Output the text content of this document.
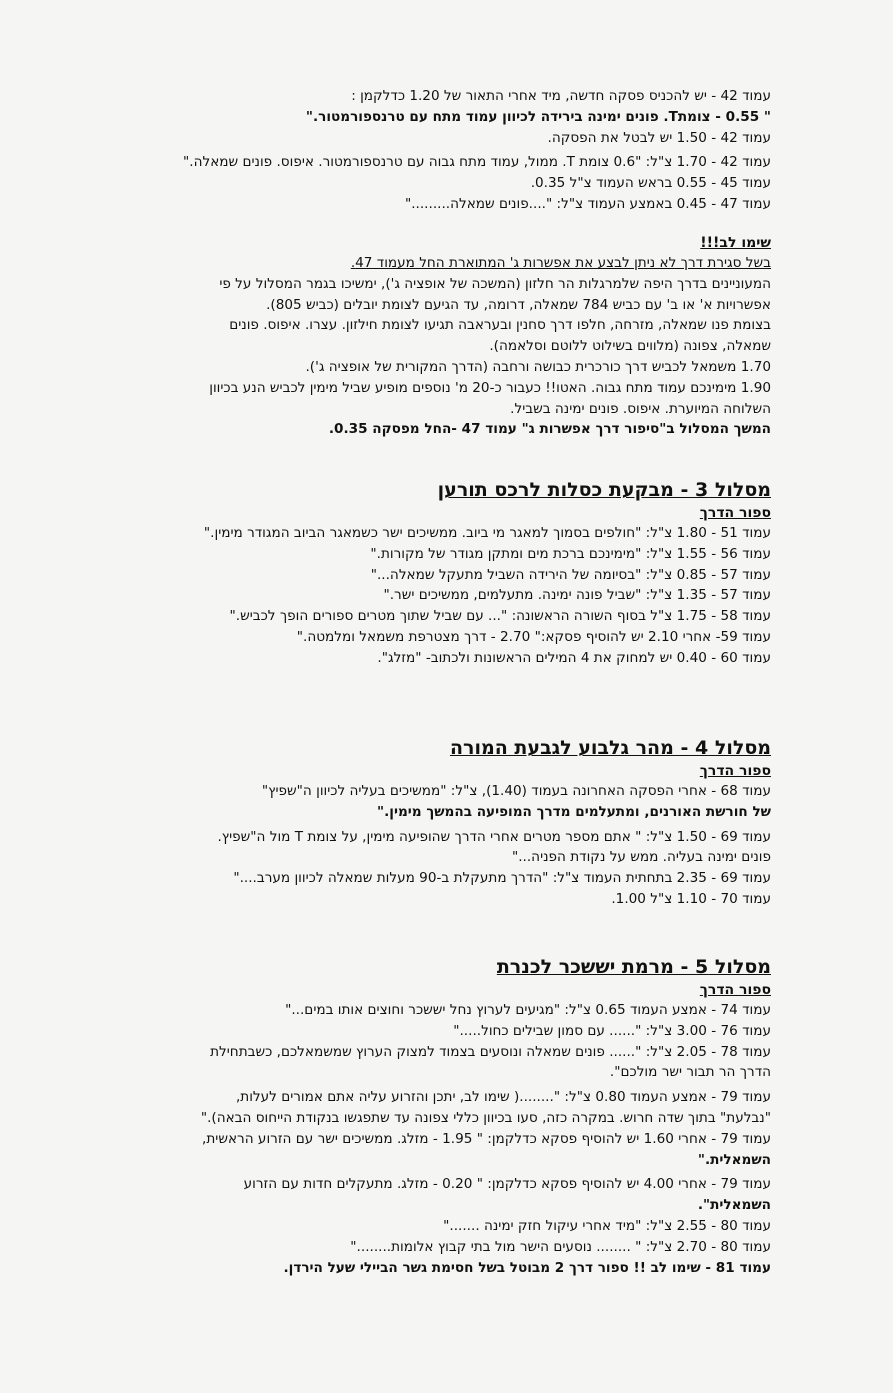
עמוד 42 - יש להכניס פסקה חדשה, מיד אחרי התאור של 1.20 כדלקמן :
" 0.55 - צומתT. פונים ימינה בירידה לכיוון עמוד מתח עם טרנספורמטור."
עמוד 42 - 1.50 יש לבטל את הפסקה.
עמוד 42 - 1.70 צ"ל: "0.6 צומת T. ממול, עמוד מתח גבוה עם טרנספורמטור. איפוס. פונים שמאלה."
עמוד 45 - 0.55 בראש העמוד צ"ל 0.35.
עמוד 47 - 0.45 באמצע העמוד צ"ל: "....פונים שמאלה........."
שימו לב!!!
בשל סגירת דרך לא ניתן לבצע את אפשרות ג' המתוארת החל מעמוד 47.
המעוניינים בדרך היפה שלמרגלות הר חלזון (המשכה של אופציה ג'), ימשיכו בגמר המסלול על פי
אפשרויות א' או ב' עם כביש 784 שמאלה, דרומה, עד הגיעם לצומת יובלים (כביש 805).
בצומת פנו שמאלה, מזרחה, חלפו דרך סחנין ובעראבה תגיעו לצומת חילזון. עצרו. איפוס. פונים
שמאלה, צפונה (מלווים בשילוט ללוטם וסלאמה).
1.70 משמאל לכביש דרך כורכרית כבושה ורחבה (הדרך המקורית של אופציה ג').
1.90 מימינכם עמוד מתח גבוה. האטו!! כעבור כ-20 מ' נוספים מופיע שביל מימין לכביש הנע בכיוון
השלוחה המיוערת. איפוס. פונים ימינה בשביל.
המשך המסלול ב"סיפור דרך אפשרות ג" עמוד 47 -החל מפסקה 0.35.
מסלול 3 - מבקעת כסלות לרכס תורען
ספור הדרך
עמוד 51 - 1.80 צ"ל: "חולפים בסמוך למאגר מי ביוב. ממשיכים ישר כשמאגר הביוב המגודר מימין."
עמוד 56 - 1.55 צ"ל: "מימינכם ברכת מים ומתקן מגודר של מקורות."
עמוד 57 - 0.85 צ"ל: "בסיומה של הירידה השביל מתעקל שמאלה..."
עמוד 57 - 1.35 צ"ל: "שביל פונה ימינה. מתעלמים, ממשיכים ישר."
עמוד 58 - 1.75 צ"ל בסוף השורה הראשונה: "... עם שביל שתוך מטרים ספורים הופך לכביש."
עמוד 59- אחרי 2.10 יש להוסיף פסקא:" 2.70 - דרך מצטרפת משמאל ומלמטה."
עמוד 60 - 0.40 יש למחוק את 4 המילים הראשונות ולכתוב- "מזלג".
מסלול 4 - מהר גלבוע לגבעת המורה
ספור הדרך
עמוד 68 - אחרי הפסקה האחרונה בעמוד (1.40), צ"ל: "ממשיכים בעליה לכיוון ה"שפיץ"
של חורשת האורנים, ומתעלמים מדרך המופיעה בהמשך מימין."
עמוד 69 - 1.50 צ"ל: " אתם מספר מטרים אחרי הדרך שהופיעה מימין, על צומת T מול ה"שפיץ.
פונים ימינה בעליה. ממש על נקודת הפניה..."
עמוד 69 - 2.35 בתחתית העמוד צ"ל: "הדרך מתעקלת ב-90 מעלות שמאלה לכיוון מערב...."
עמוד 70 - 1.10 צ"ל 1.00.
מסלול 5 - מרמת יששכר לכנרת
ספור הדרך
עמוד 74 - אמצע העמוד 0.65 צ"ל: "מגיעים לערוץ נחל יששכר וחוצים אותו במים..."
עמוד 76 - 3.00 צ"ל: "...... עם סמון שבילים כחול....."
עמוד 78 - 2.05 צ"ל: "...... פונים שמאלה ונוסעים בצמוד למצוק הערוץ שמשמאלכם, כשבתחילת
הדרך הר תבור ישר מולכם".
עמוד 79 - אמצע העמוד 0.80 צ"ל: "........( שימו לב, יתכן והזרוע עליה אתם אמורים לעלות,
"נבלעת" בתוך שדה חרוש. במקרה כזה, סעו בכיוון כללי צפונה עד שתפגשו בנקודת הייחוס הבאה)."
עמוד 79 - אחרי 1.60 יש להוסיף פסקא כדלקמן: " 1.95 - מזלג. ממשיכים ישר עם הזרוע הראשית,
השמאלית."
עמוד 79 - אחרי 4.00 יש להוסיף פסקא כדלקמן: " 0.20 - מזלג. מתעקלים חדות עם הזרוע
השמאלית".
עמוד 80 - 2.55 צ"ל: "מיד אחרי עיקול חזק ימינה ......."
עמוד 80 - 2.70 צ"ל: " ........ נוסעים הישר מול בתי קבוץ אלומות........"
עמוד 81 - שימו לב !! ספור דרך 2 מבוטל בשל חסימת גשר הביילי שעל הירדן.
